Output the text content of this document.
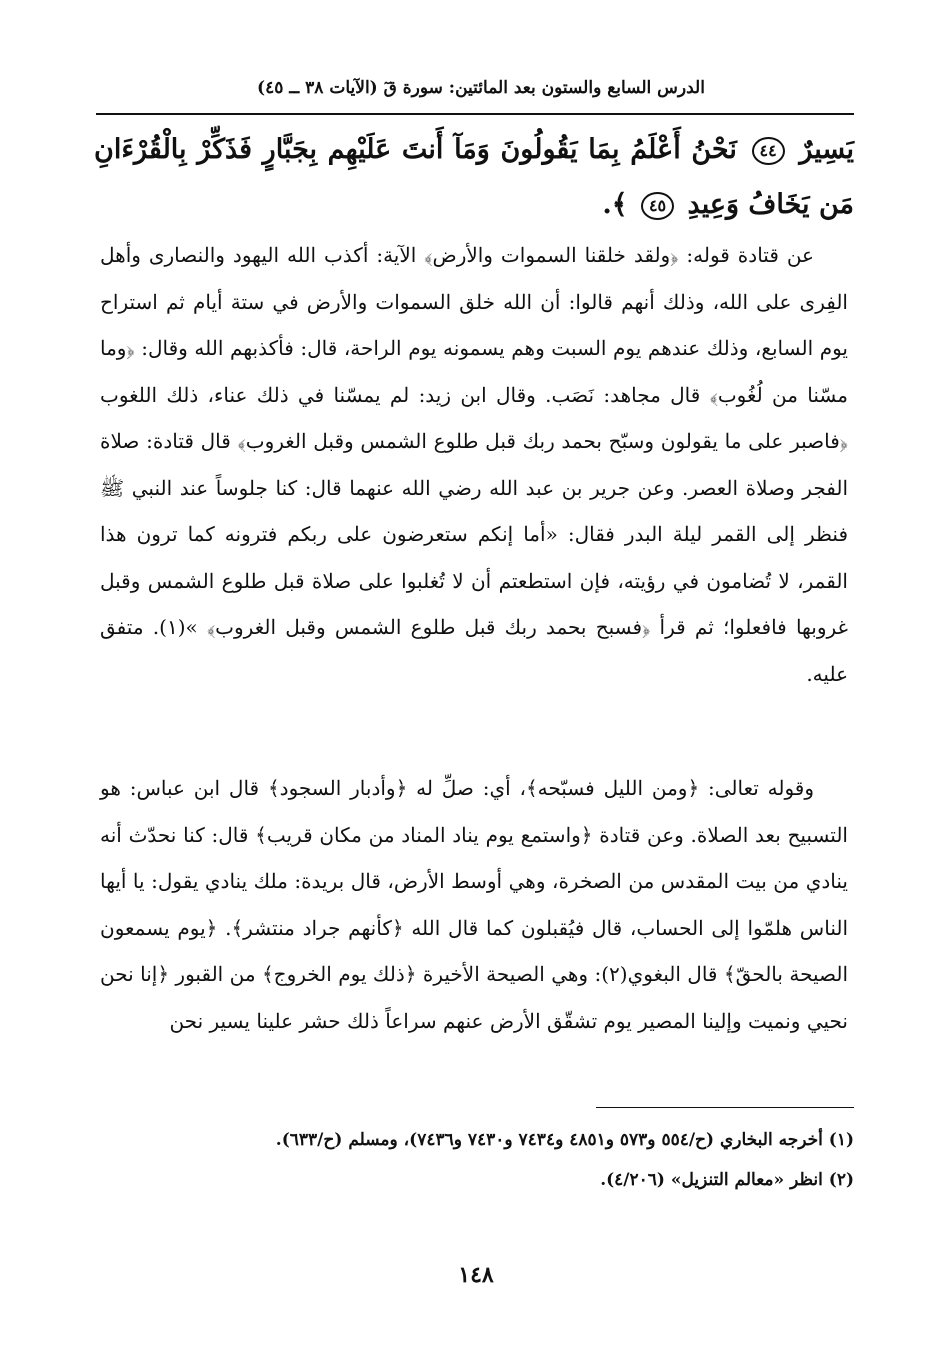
الدرس السابع والستون بعد المائتين: سورة قٓ (الآيات ٣٨ ــ ٤٥)
يَسِيرٌ ٤٤ نَحْنُ أَعْلَمُ بِمَا يَقُولُونَ وَمَآ أَنتَ عَلَيْهِم بِجَبَّارٍ فَذَكِّرْ بِالْقُرْءَانِ مَن يَخَافُ وَعِيدِ ٤٥ ﴾.
عن قتادة قوله: ﴿ولقد خلقنا السموات والأرض﴾ الآية: أكذب الله اليهود والنصارى وأهل الفِرى على الله، وذلك أنهم قالوا: أن الله خلق السموات والأرض في ستة أيام ثم استراح يوم السابع، وذلك عندهم يوم السبت وهم يسمونه يوم الراحة، قال: فأكذبهم الله وقال: ﴿وما مسّنا من لُغُوب﴾ قال مجاهد: نَصَب. وقال ابن زيد: لم يمسّنا في ذلك عناء، ذلك اللغوب ﴿فاصبر على ما يقولون وسبّح بحمد ربك قبل طلوع الشمس وقبل الغروب﴾ قال قتادة: صلاة الفجر وصلاة العصر. وعن جرير بن عبد الله رضي الله عنهما قال: كنا جلوساً عند النبي ﷺ فنظر إلى القمر ليلة البدر فقال: «أما إنكم ستعرضون على ربكم فترونه كما ترون هذا القمر، لا تُضامون في رؤيته، فإن استطعتم أن لا تُغلبوا على صلاة قبل طلوع الشمس وقبل غروبها فافعلوا؛ ثم قرأ ﴿فسبح بحمد ربك قبل طلوع الشمس وقبل الغروب﴾ »(١). متفق عليه.
وقوله تعالى: ﴿ومن الليل فسبّحه﴾، أي: صلِّ له ﴿وأدبار السجود﴾ قال ابن عباس: هو التسبيح بعد الصلاة. وعن قتادة ﴿واستمع يوم يناد المناد من مكان قريب﴾ قال: كنا نحدّث أنه ينادي من بيت المقدس من الصخرة، وهي أوسط الأرض، قال بريدة: ملك ينادي يقول: يا أيها الناس هلمّوا إلى الحساب، قال فيُقبلون كما قال الله ﴿كأنهم جراد منتشر﴾. ﴿يوم يسمعون الصيحة بالحقّ﴾ قال البغوي(٢): وهي الصيحة الأخيرة ﴿ذلك يوم الخروج﴾ من القبور ﴿إنا نحن نحيي ونميت وإلينا المصير يوم تشقّق الأرض عنهم سراعاً ذلك حشر علينا يسير نحن
(١) أخرجه البخاري (ح/٥٥٤ و٥٧٣ و٤٨٥١ و٧٤٣٤ و٧٤٣٠ و٧٤٣٦)، ومسلم (ح/٦٣٣).
(٢) انظر «معالم التنزيل» (٤/٢٠٦).
١٤٨
